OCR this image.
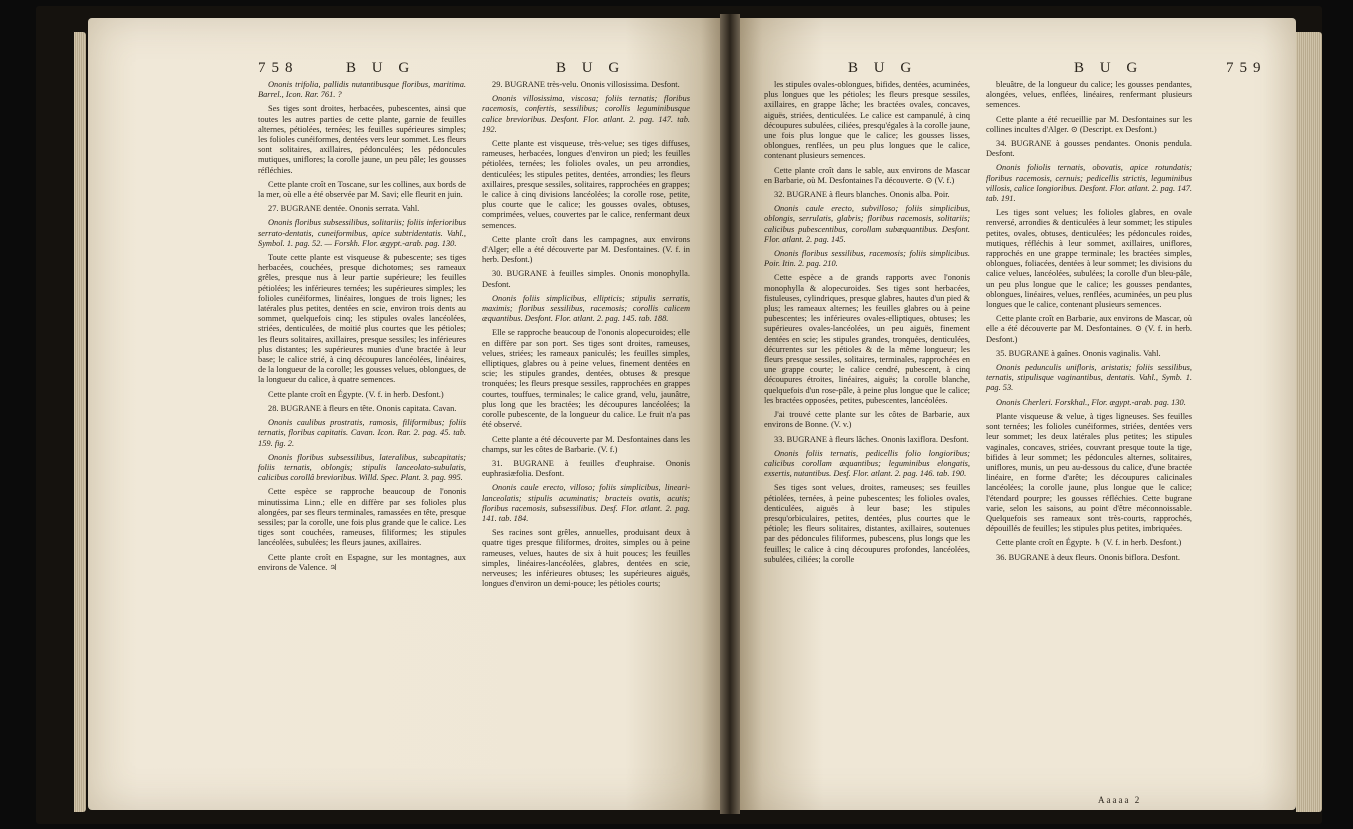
758	B U G	B U G

Ononis trifolia, pallidis nutantibusque floribus, maritima. Barrel., Icon. Rar. 761. ?

Ses tiges sont droites, herbacées, pubescentes, ainsi que toutes les autres parties de cette plante, garnie de feuilles alternes, pétiolées, ternées; les feuilles supérieures simples; les folioles cunéiformes, dentées vers leur sommet. Les fleurs sont solitaires, axillaires, pédonculées; les pédoncules mutiques, uniflores; la corolle jaune, un peu pâle; les gousses réfléchies.

Cette plante croît en Toscane, sur les collines, aux bords de la mer, où elle a été observée par M. Savi; elle fleurit en juin.

27. BUGRANE dentée. Ononis serrata. Vahl.

Ononis floribus subsessilibus, solitariis; foliis inferioribus serrato-dentatis, cuneiformibus, apice subtridentatis. Vahl., Symbol. 1. pag. 52. — Forskh. Flor. ægypt.-arab. pag. 130.

Toute cette plante est visqueuse & pubescente; ses tiges herbacées, couchées, presque dichotomes; ses rameaux grêles, presque nus à leur partie supérieure; les feuilles pétiolées; les inférieures ternées; les supérieures simples; les folioles cunéiformes, linéaires, longues de trois lignes; les latérales plus petites, dentées en scie, environ trois dents au sommet, quelquefois cinq; les stipules ovales lancéolées, striées, denticulées, de moitié plus courtes que les pétioles; les fleurs solitaires, axillaires, presque sessiles; les inférieures plus distantes; les supérieures munies d'une bractée à leur base; le calice strié, à cinq découpures lancéolées, linéaires, de la longueur de la corolle; les gousses velues, oblongues, de la longueur du calice, à quatre semences.

Cette plante croît en Égypte. (V. f. in herb. Desfont.)

28. BUGRANE à fleurs en tête. Ononis capitata. Cavan.

Ononis caulibus prostratis, ramosis, filiformibus; foliis ternatis, floribus capitatis. Cavan. Icon. Rar. 2. pag. 45. tab. 159. fig. 2.

Ononis floribus subsessilibus, lateralibus, subcapitatis; foliis ternatis, oblongis; stipulis lanceolato-subulatis, calicibus corollâ brevioribus. Willd. Spec. Plant. 3. pag. 995.

Cette espèce se rapproche beaucoup de l'ononis minutissima Linn.; elle en diffère par ses folioles plus alongées, par ses fleurs terminales, ramassées en tête, presque sessiles; par la corolle, une fois plus grande que le calice. Les tiges sont couchées, rameuses, filiformes; les stipules lancéolées, subulées; les fleurs jaunes, axillaires.

Cette plante croît en Espagne, sur les montagnes, aux environs de Valence. ♃

29. BUGRANE très-velu. Ononis villosissima. Desfont.

Ononis villosissima, viscosa; foliis ternatis; floribus racemosis, confertis, sessilibus; corollis leguminibusque calice brevioribus. Desfont. Flor. atlant. 2. pag. 147. tab. 192.

Cette plante est visqueuse, très-velue; ses tiges diffuses, rameuses, herbacées, longues d'environ un pied; les feuilles pétiolées, ternées; les folioles ovales, un peu arrondies, denticulées; les stipules petites, dentées, arrondies; les fleurs axillaires, presque sessiles, solitaires, rapprochées en grappes; le calice à cinq divisions lancéolées; la corolle rose, petite, plus courte que le calice; les gousses ovales, obtuses, comprimées, velues, couvertes par le calice, renfermant deux semences.

Cette plante croît dans les campagnes, aux environs d'Alger; elle a été découverte par M. Desfontaines. (V. f. in herb. Desfont.)

30. BUGRANE à feuilles simples. Ononis monophylla. Desfont.

Ononis foliis simplicibus, ellipticis; stipulis serratis, maximis; floribus sessilibus, racemosis; corollis calicem æquantibus. Desfont. Flor. atlant. 2. pag. 145. tab. 188.

Elle se rapproche beaucoup de l'ononis alopecuroides; elle en diffère par son port. Ses tiges sont droites, rameuses, velues, striées; les rameaux paniculés; les feuilles simples, elliptiques, glabres ou à peine velues, finement dentées en scie; les stipules grandes, dentées, obtuses & presque tronquées; les fleurs presque sessiles, rapprochées en grappes courtes, touffues, terminales; le calice grand, velu, jaunâtre, plus long que les bractées; les découpures lancéolées; la corolle pubescente, de la longueur du calice. Le fruit n'a pas été observé.

Cette plante a été découverte par M. Desfontaines dans les champs, sur les côtes de Barbarie. (V. f.)

31. BUGRANE à feuilles d'euphraise. Ononis euphrasiæfolia. Desfont.

Ononis caule erecto, villoso; foliis simplicibus, lineari-lanceolatis; stipulis acuminatis; bracteis ovatis, acutis; floribus racemosis, subsessilibus. Desf. Flor. atlant. 2. pag. 141. tab. 184.

Ses racines sont grêles, annuelles, produisant deux à quatre tiges presque filiformes, droites, simples ou à peine rameuses, velues, hautes de six à huit pouces; les feuilles simples, linéaires-lancéolées, glabres, dentées en scie, nerveuses; les inférieures obtuses; les supérieures aiguës, longues d'environ un demi-pouce; les pétioles courts;

B U G	B U G	759

les stipules ovales-oblongues, bifides, dentées, acuminées, plus longues que les pétioles; les fleurs presque sessiles, axillaires, en grappe lâche; les bractées ovales, concaves, aiguës, striées, denticulées. Le calice est campanulé, à cinq découpures subulées, ciliées, presqu'égales à la corolle jaune, une fois plus longue que le calice; les gousses lisses, oblongues, renflées, un peu plus longues que le calice, contenant plusieurs semences.

Cette plante croît dans le sable, aux environs de Mascar en Barbarie, où M. Desfontaines l'a découverte. ⊙ (V. f.)

32. BUGRANE à fleurs blanches. Ononis alba. Poir.

Ononis caule erecto, subvilloso; foliis simplicibus, oblongis, serrulatis, glabris; floribus racemosis, solitariis; calicibus pubescentibus, corollam subæquantibus. Desfont. Flor. atlant. 2. pag. 145.

Ononis floribus sessilibus, racemosis; foliis simplicibus. Poir. Itin. 2. pag. 210.

Cette espèce a de grands rapports avec l'ononis monophylla & alopecuroides. Ses tiges sont herbacées, fistuleuses, cylindriques, presque glabres, hautes d'un pied & plus; les rameaux alternes; les feuilles glabres ou à peine pubescentes; les inférieures ovales-elliptiques, obtuses; les supérieures ovales-lancéolées, un peu aiguës, finement dentées en scie; les stipules grandes, tronquées, denticulées, décurrentes sur les pétioles & de la même longueur; les fleurs presque sessiles, solitaires, terminales, rapprochées en une grappe courte; le calice cendré, pubescent, à cinq découpures étroites, linéaires, aiguës; la corolle blanche, quelquefois d'un rose-pâle, à peine plus longue que le calice; les bractées opposées, petites, pubescentes, lancéolées.

J'ai trouvé cette plante sur les côtes de Barbarie, aux environs de Bonne. (V. v.)

33. BUGRANE à fleurs lâches. Ononis laxiflora. Desfont.

Ononis foliis ternatis, pedicellis folio longioribus; calicibus corollam æquantibus; leguminibus elongatis, exsertis, nutantibus. Desf. Flor. atlant. 2. pag. 146. tab. 190.

Ses tiges sont velues, droites, rameuses; ses feuilles pétiolées, ternées, à peine pubescentes; les folioles ovales, denticulées, aiguës à leur base; les stipules presqu'orbiculaires, petites, dentées, plus courtes que le pétiole; les fleurs solitaires, distantes, axillaires, soutenues par des pédoncules filiformes, pubescens, plus longs que les feuilles; le calice à cinq découpures profondes, lancéolées, subulées, ciliées; la corolle

bleuâtre, de la longueur du calice; les gousses pendantes, alongées, velues, enflées, linéaires, renfermant plusieurs semences.

Cette plante a été recueillie par M. Desfontaines sur les collines incultes d'Alger. ⊙ (Descript. ex Desfont.)

34. BUGRANE à gousses pendantes. Ononis pendula. Desfont.

Ononis foliolis ternatis, obovatis, apice rotundatis; floribus racemosis, cernuis; pedicellis strictis, leguminibus villosis, calice longioribus. Desfont. Flor. atlant. 2. pag. 147. tab. 191.

Les tiges sont velues; les folioles glabres, en ovale renversé, arrondies & denticulées à leur sommet; les stipules petites, ovales, obtuses, denticulées; les pédoncules roides, mutiques, réfléchis à leur sommet, axillaires, uniflores, rapprochés en une grappe terminale; les bractées simples, oblongues, foliacées, dentées à leur sommet; les divisions du calice velues, lancéolées, subulées; la corolle d'un bleu-pâle, un peu plus longue que le calice; les gousses pendantes, oblongues, linéaires, velues, renflées, acuminées, un peu plus longues que le calice, contenant plusieurs semences.

Cette plante croît en Barbarie, aux environs de Mascar, où elle a été découverte par M. Desfontaines. ⊙ (V. f. in herb. Desfont.)

35. BUGRANE à gaînes. Ononis vaginalis. Vahl.

Ononis pedunculis unifloris, aristatis; foliis sessilibus, ternatis, stipulisque vaginantibus, dentatis. Vahl., Symb. 1. pag. 53.

Ononis Cherleri. Forskhal., Flor. ægypt.-arab. pag. 130.

Plante visqueuse & velue, à tiges ligneuses. Ses feuilles sont ternées; les folioles cunéiformes, striées, dentées vers leur sommet; les deux latérales plus petites; les stipules vaginales, concaves, striées, couvrant presque toute la tige, bifides à leur sommet; les pédoncules alternes, solitaires, uniflores, munis, un peu au-dessous du calice, d'une bractée linéaire, en forme d'arête; les découpures calicinales lancéolées; la corolle jaune, plus longue que le calice; l'étendard pourpre; les gousses réfléchies. Cette bugrane varie, selon les saisons, au point d'être méconnoissable. Quelquefois ses rameaux sont très-courts, rapprochés, dépouillés de feuilles; les stipules plus petites, imbriquées.

Cette plante croît en Égypte. ♄ (V. f. in herb. Desfont.)

36. BUGRANE à deux fleurs. Ononis biflora. Desfont.

Aaaaa 2
